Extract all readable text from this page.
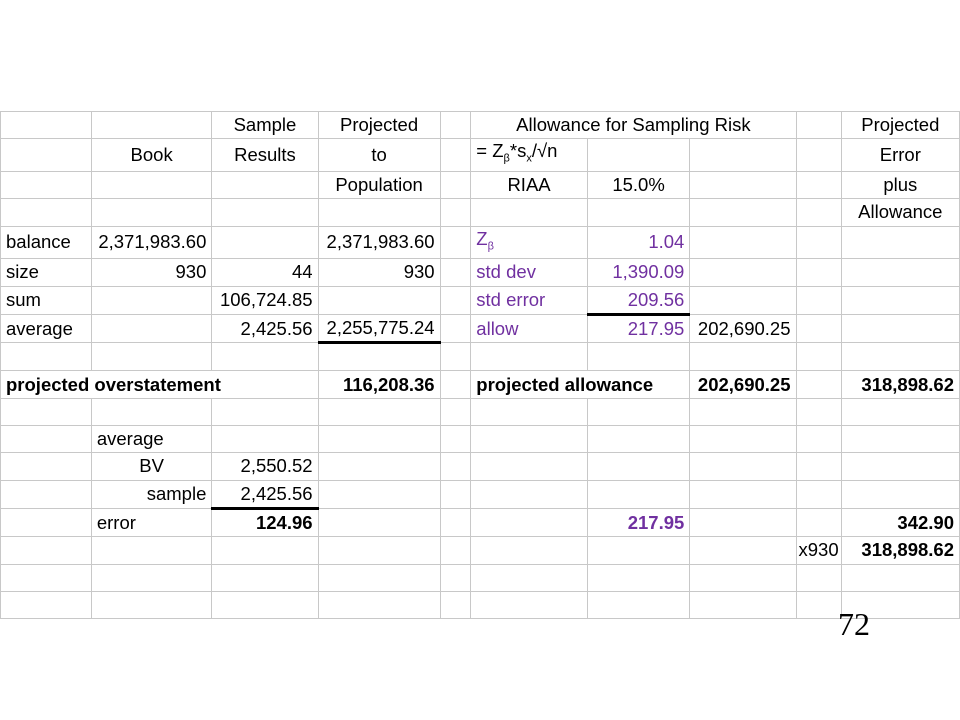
		Sample	Projected		Allowance for Sampling Risk				Projected
	Book	Results	to		= $Z_\beta*s_x/√n$				Error
			Population		RIAA	15.0%			plus
									Allowance
balance	2,371,983.60		2,371,983.60		$Z_\beta$	1.04			
size	930	44	930		std dev	1,390.09			
sum		106,724.85			std error	209.56			
average		2,425.56	2,255,775.24		allow	217.95	202,690.25		

projected overstatement			116,208.36		projected allowance		202,690.25		318,898.62

	average								
	BV	2,550.52							
	sample	2,425.56							
	error	124.96				217.95			342.90
								x930	318,898.62

72
